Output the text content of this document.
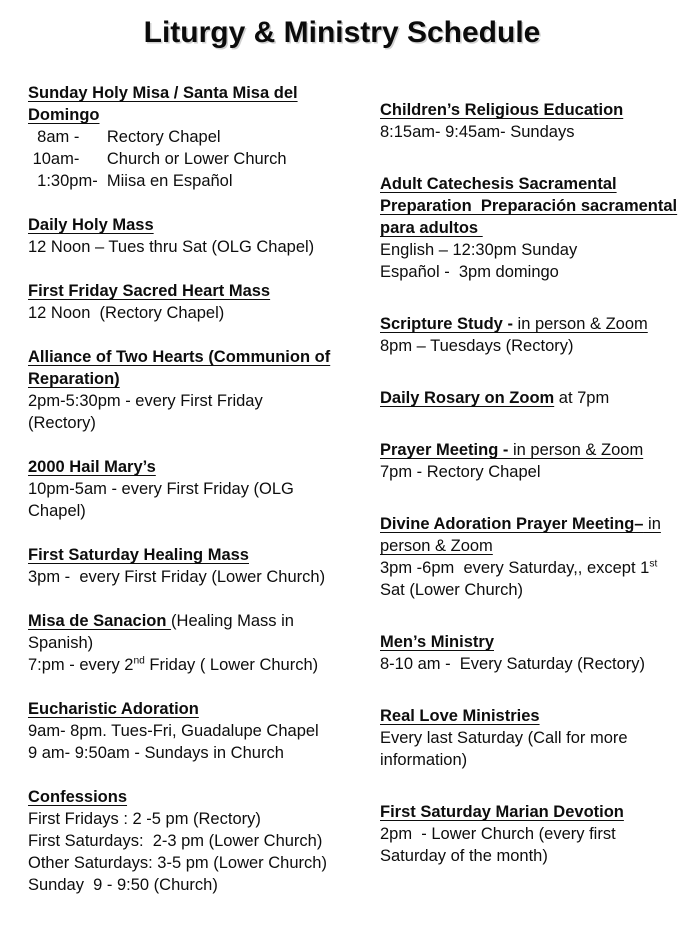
Liturgy & Ministry Schedule

Sunday Holy Misa / Santa Misa del

Domingo

8am -      Rectory Chapel

10am-      Church or Lower Church

1:30pm-  Miisa en Español

Daily Holy Mass

12 Noon – Tues thru Sat (OLG Chapel)

First Friday Sacred Heart Mass

12 Noon  (Rectory Chapel)

Alliance of Two Hearts (Communion of

Reparation)

2pm-5:30pm - every First Friday

(Rectory)

2000 Hail Mary’s

10pm-5am - every First Friday (OLG

Chapel)

First Saturday Healing Mass

3pm -  every First Friday (Lower Church)

Misa de Sanacion (Healing Mass in

Spanish)

7:pm - every 2nd Friday ( Lower Church)

Eucharistic Adoration

9am- 8pm. Tues-Fri, Guadalupe Chapel

9 am- 9:50am - Sundays in Church

Confessions

First Fridays : 2 -5 pm (Rectory)

First Saturdays:  2-3 pm (Lower Church)

Other Saturdays: 3-5 pm (Lower Church)

Sunday  9 - 9:50 (Church)

Children’s Religious Education

8:15am- 9:45am- Sundays

Adult Catechesis Sacramental

Preparation  Preparación sacramental

para adultos

English – 12:30pm Sunday

Español -  3pm domingo

Scripture Study - in person & Zoom

8pm – Tuesdays (Rectory)

Daily Rosary on Zoom at 7pm

Prayer Meeting - in person & Zoom

7pm - Rectory Chapel

Divine Adoration Prayer Meeting– in

person & Zoom

3pm -6pm  every Saturday,, except 1st

Sat (Lower Church)

Men’s Ministry

8-10 am -  Every Saturday (Rectory)

Real Love Ministries

Every last Saturday (Call for more

information)

First Saturday Marian Devotion

2pm  - Lower Church (every first

Saturday of the month)
